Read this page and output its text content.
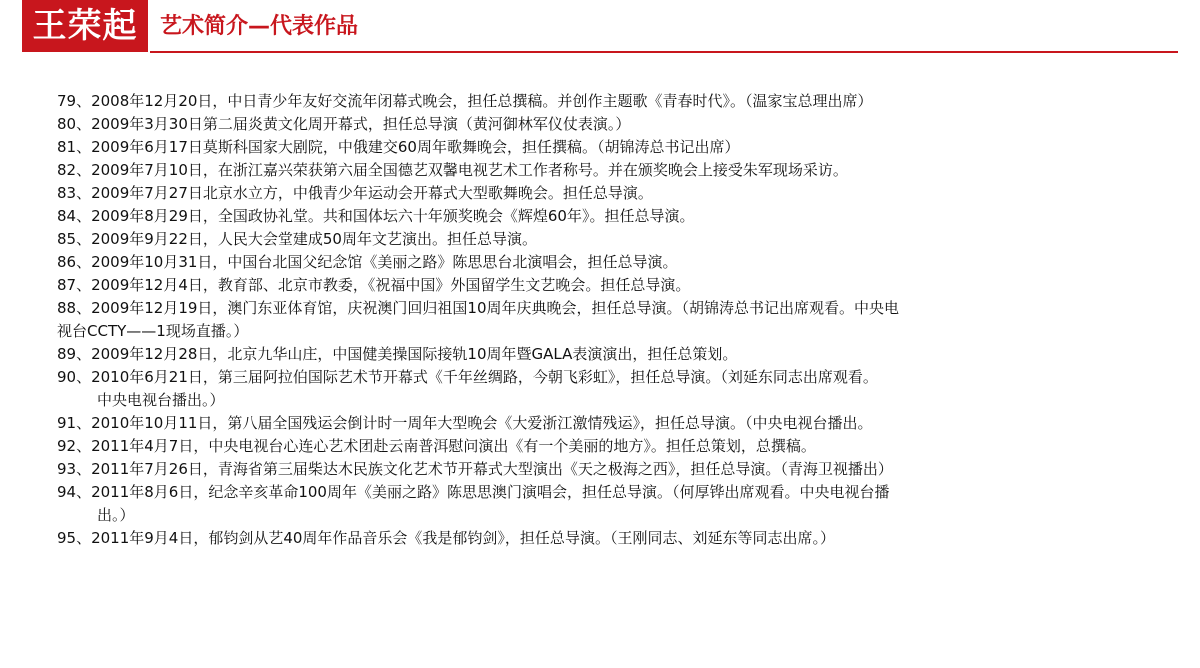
王荣起 艺术简介—代表作品
79、2008年12月20日，中日青少年友好交流年闭幕式晚会，担任总撰稿。并创作主题歌《青春时代》。（温家宝总理出席）
80、2009年3月30日第二届炎黄文化周开幕式，担任总导演（黄河御林军仪仗表演。）
81、2009年6月17日莫斯科国家大剧院，中俄建交60周年歌舞晚会，担任撰稿。（胡锦涛总书记出席）
82、2009年7月10日，在浙江嘉兴荣获第六届全国德艺双馨电视艺术工作者称号。并在颁奖晚会上接受朱军现场采访。
83、2009年7月27日北京水立方，中俄青少年运动会开幕式大型歌舞晚会。担任总导演。
84、2009年8月29日，全国政协礼堂。共和国体坛六十年颁奖晚会《辉煌60年》。担任总导演。
85、2009年9月22日，人民大会堂建成50周年文艺演出。担任总导演。
86、2009年10月31日，中国台北国父纪念馆《美丽之路》陈思思台北演唱会，担任总导演。
87、2009年12月4日，教育部、北京市教委，《祝福中国》外国留学生文艺晚会。担任总导演。
88、2009年12月19日，澳门东亚体育馆，庆祝澳门回归祖国10周年庆典晚会，担任总导演。（胡锦涛总书记出席观看。中央电
视台CCTY——1现场直播。）
89、2009年12月28日，北京九华山庄，中国健美操国际接轨10周年暨GALA表演演出，担任总策划。
90、2010年6月21日，第三届阿拉伯国际艺术节开幕式《千年丝绸路，今朝飞彩虹》，担任总导演。（刘延东同志出席观看。
中央电视台播出。）
91、2010年10月11日，第八届全国残运会倒计时一周年大型晚会《大爱浙江激情残运》，担任总导演。（中央电视台播出。
92、2011年4月7日，中央电视台心连心艺术团赴云南普洱慰问演出《有一个美丽的地方》。担任总策划，总撰稿。
93、2011年7月26日，青海省第三届柴达木民族文化艺术节开幕式大型演出《天之极海之西》，担任总导演。（青海卫视播出）
94、2011年8月6日，纪念辛亥革命100周年《美丽之路》陈思思澳门演唱会，担任总导演。（何厚铧出席观看。中央电视台播
出。）
95、2011年9月4日，郁钧剑从艺40周年作品音乐会《我是郁钧剑》，担任总导演。（王刚同志、刘延东等同志出席。）
